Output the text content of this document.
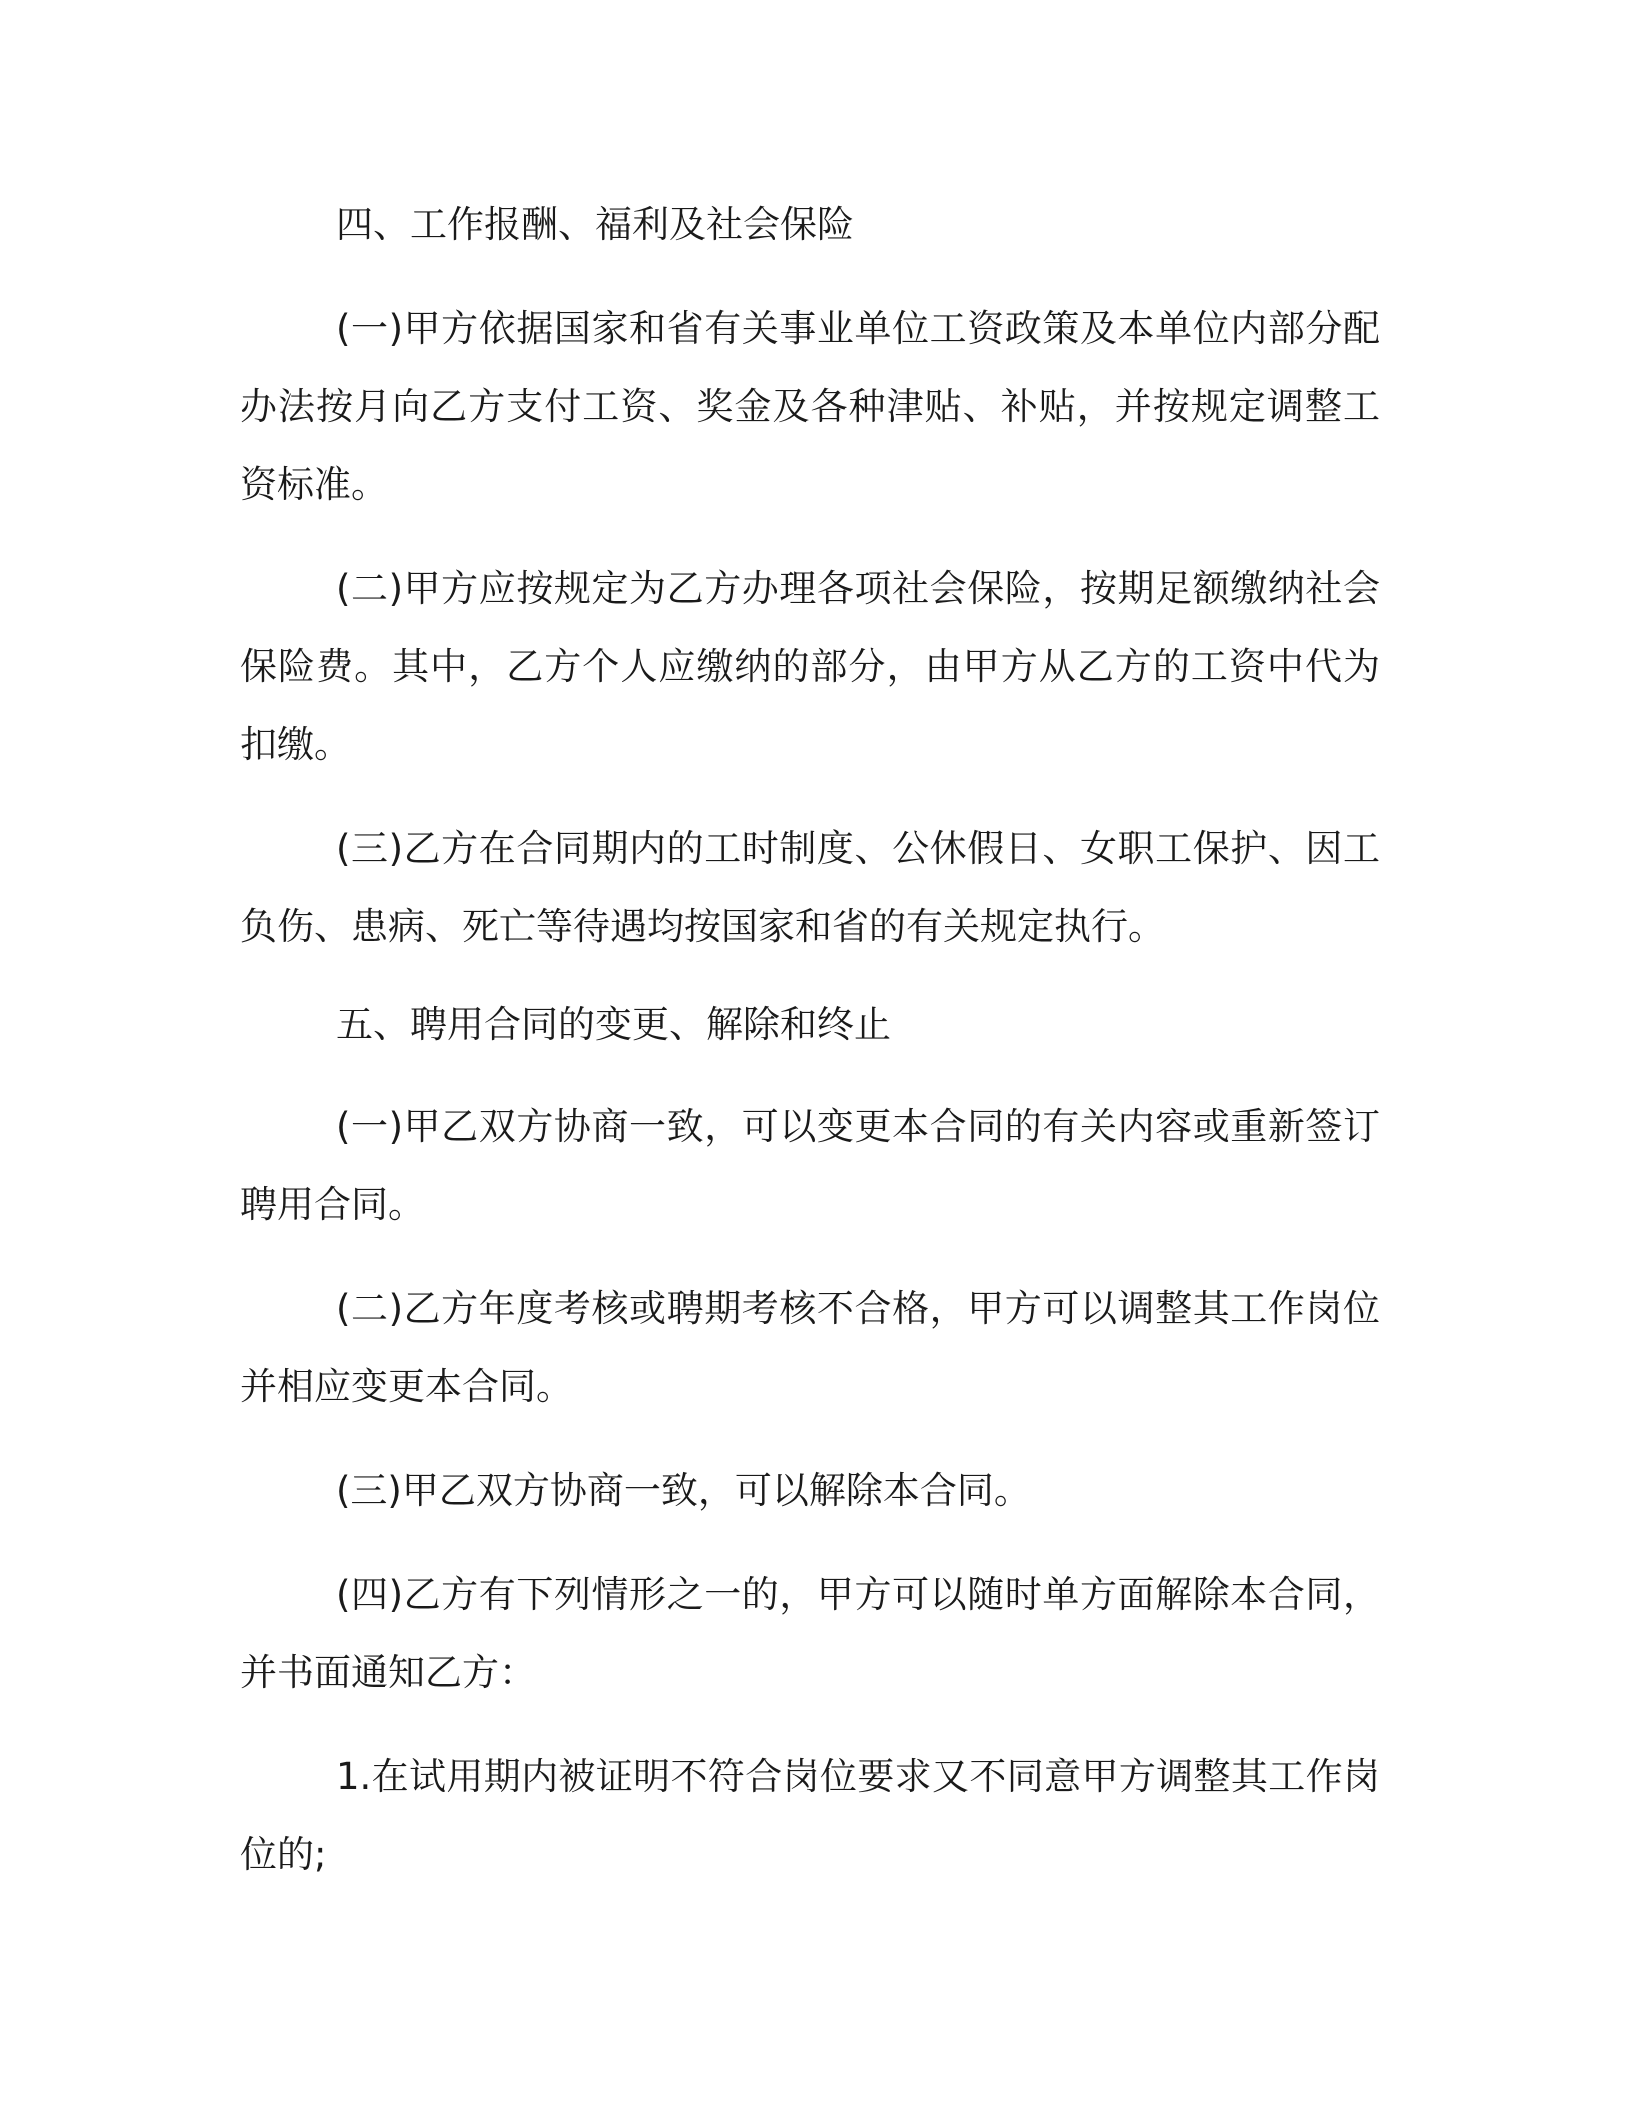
四、工作报酬、福利及社会保险

(一)甲方依据国家和省有关事业单位工资政策及本单位内部分配办法按月向乙方支付工资、奖金及各种津贴、补贴，并按规定调整工资标准。

(二)甲方应按规定为乙方办理各项社会保险，按期足额缴纳社会保险费。其中，乙方个人应缴纳的部分，由甲方从乙方的工资中代为扣缴。

(三)乙方在合同期内的工时制度、公休假日、女职工保护、因工负伤、患病、死亡等待遇均按国家和省的有关规定执行。

五、聘用合同的变更、解除和终止

(一)甲乙双方协商一致，可以变更本合同的有关内容或重新签订聘用合同。

(二)乙方年度考核或聘期考核不合格，甲方可以调整其工作岗位并相应变更本合同。

(三)甲乙双方协商一致，可以解除本合同。

(四)乙方有下列情形之一的，甲方可以随时单方面解除本合同，并书面通知乙方：

1.在试用期内被证明不符合岗位要求又不同意甲方调整其工作岗位的;
